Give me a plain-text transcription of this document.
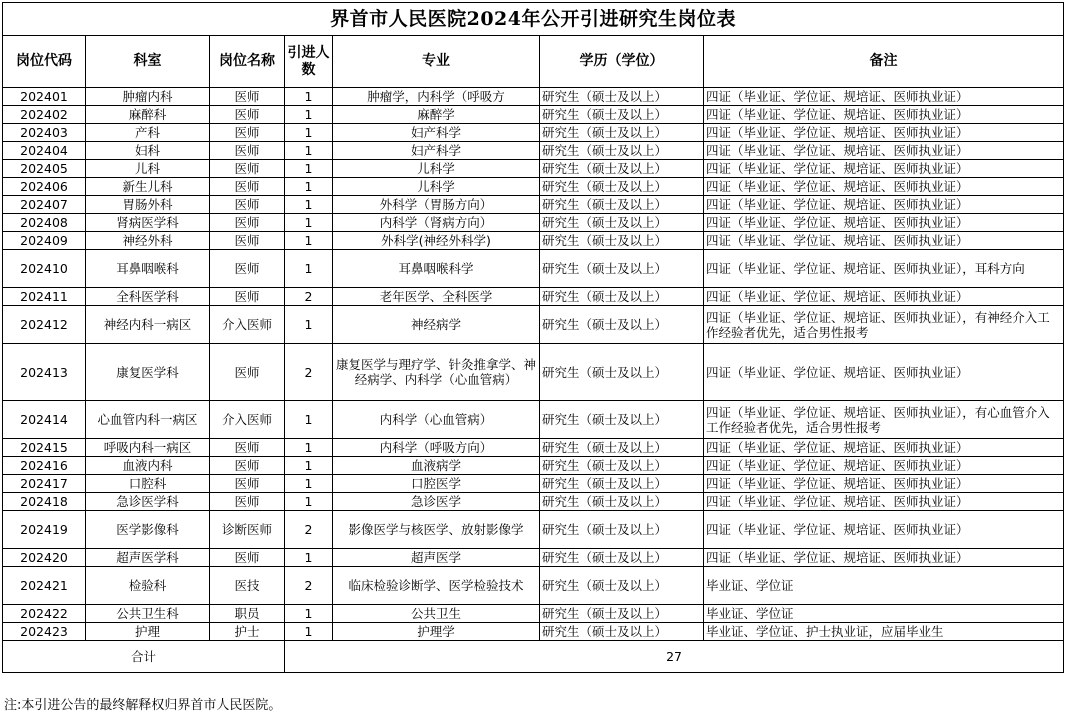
界首市人民医院2024年公开引进研究生岗位表						
岗位代码	科室	岗位名称	引进人数	专业	学历（学位）	备注
202401	肿瘤内科	医师	1	肿瘤学，内科学（呼吸方	研究生（硕士及以上）	四证（毕业证、学位证、规培证、医师执业证）
202402	麻醉科	医师	1	麻醉学	研究生（硕士及以上）	四证（毕业证、学位证、规培证、医师执业证）
202403	产科	医师	1	妇产科学	研究生（硕士及以上）	四证（毕业证、学位证、规培证、医师执业证）
202404	妇科	医师	1	妇产科学	研究生（硕士及以上）	四证（毕业证、学位证、规培证、医师执业证）
202405	儿科	医师	1	儿科学	研究生（硕士及以上）	四证（毕业证、学位证、规培证、医师执业证）
202406	新生儿科	医师	1	儿科学	研究生（硕士及以上）	四证（毕业证、学位证、规培证、医师执业证）
202407	胃肠外科	医师	1	外科学（胃肠方向）	研究生（硕士及以上）	四证（毕业证、学位证、规培证、医师执业证）
202408	肾病医学科	医师	1	内科学（肾病方向）	研究生（硕士及以上）	四证（毕业证、学位证、规培证、医师执业证）
202409	神经外科	医师	1	外科学(神经外科学)	研究生（硕士及以上）	四证（毕业证、学位证、规培证、医师执业证）
202410	耳鼻咽喉科	医师	1	耳鼻咽喉科学	研究生（硕士及以上）	四证（毕业证、学位证、规培证、医师执业证），耳科方向
202411	全科医学科	医师	2	老年医学、全科医学	研究生（硕士及以上）	四证（毕业证、学位证、规培证、医师执业证）
202412	神经内科一病区	介入医师	1	神经病学	研究生（硕士及以上）	四证（毕业证、学位证、规培证、医师执业证），有神经介入工作经验者优先，适合男性报考
202413	康复医学科	医师	2	康复医学与理疗学、针灸推拿学、神经病学、内科学（心血管病）	研究生（硕士及以上）	四证（毕业证、学位证、规培证、医师执业证）
202414	心血管内科一病区	介入医师	1	内科学（心血管病）	研究生（硕士及以上）	四证（毕业证、学位证、规培证、医师执业证），有心血管介入工作经验者优先，适合男性报考
202415	呼吸内科一病区	医师	1	内科学（呼吸方向）	研究生（硕士及以上）	四证（毕业证、学位证、规培证、医师执业证）
202416	血液内科	医师	1	血液病学	研究生（硕士及以上）	四证（毕业证、学位证、规培证、医师执业证）
202417	口腔科	医师	1	口腔医学	研究生（硕士及以上）	四证（毕业证、学位证、规培证、医师执业证）
202418	急诊医学科	医师	1	急诊医学	研究生（硕士及以上）	四证（毕业证、学位证、规培证、医师执业证）
202419	医学影像科	诊断医师	2	影像医学与核医学、放射影像学	研究生（硕士及以上）	四证（毕业证、学位证、规培证、医师执业证）
202420	超声医学科	医师	1	超声医学	研究生（硕士及以上）	四证（毕业证、学位证、规培证、医师执业证）
202421	检验科	医技	2	临床检验诊断学、医学检验技术	研究生（硕士及以上）	毕业证、学位证
202422	公共卫生科	职员	1	公共卫生	研究生（硕士及以上）	毕业证、学位证
202423	护理	护士	1	护理学	研究生（硕士及以上）	毕业证、学位证、护士执业证，应届毕业生
合计			27			
注:本引进公告的最终解释权归界首市人民医院。
